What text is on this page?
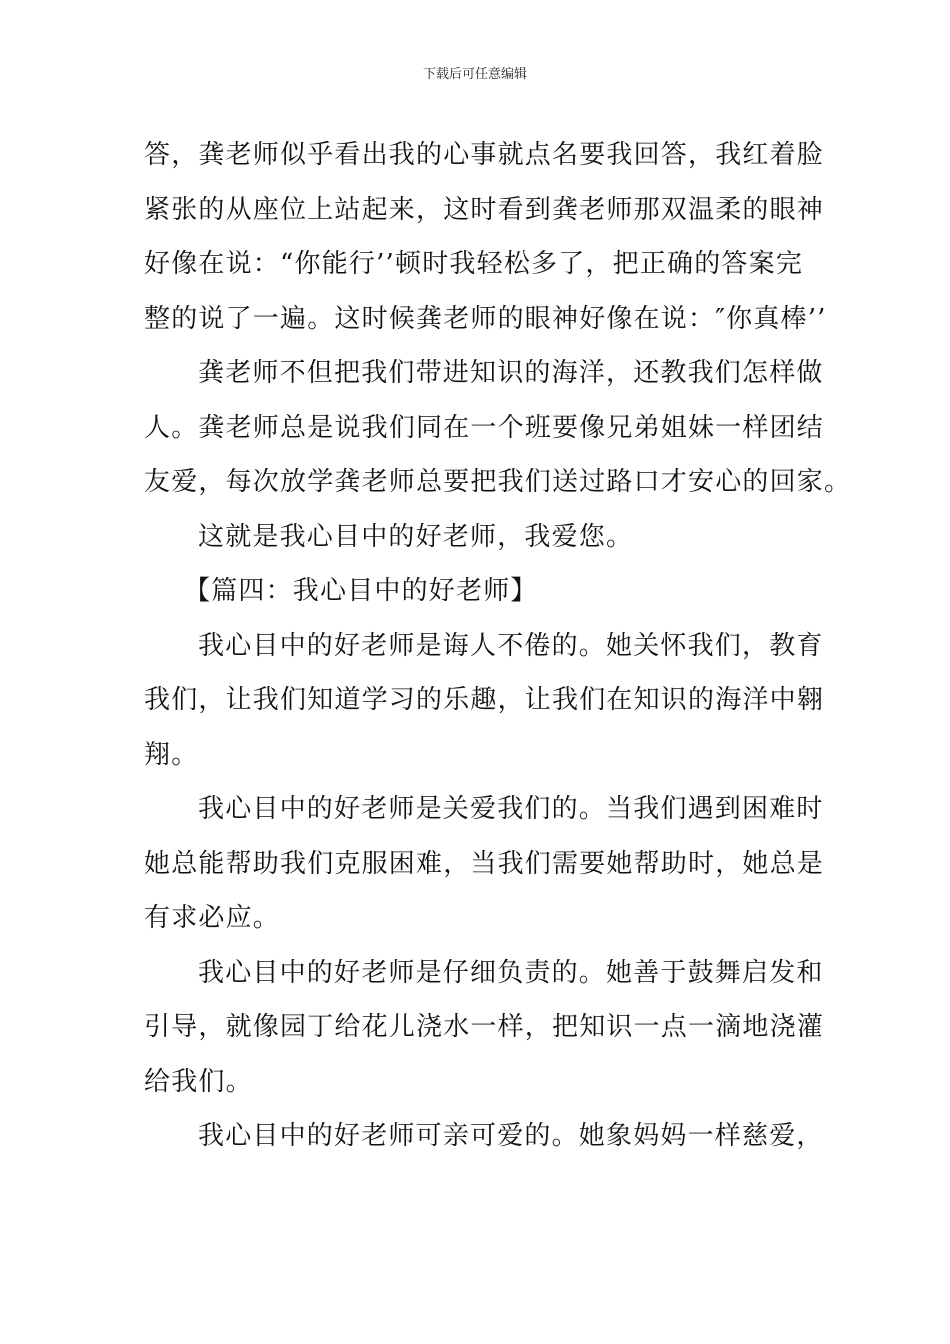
下载后可任意编辑

答，龚老师似乎看出我的心事就点名要我回答，我红着脸
紧张的从座位上站起来，这时看到龚老师那双温柔的眼神
好像在说：“你能行’’顿时我轻松多了，把正确的答案完
整的说了一遍。这时候龚老师的眼神好像在说：″你真棒’’

龚老师不但把我们带进知识的海洋，还教我们怎样做
人。龚老师总是说我们同在一个班要像兄弟姐妹一样团结
友爱，每次放学龚老师总要把我们送过路口才安心的回家。

这就是我心目中的好老师，我爱您。

【篇四：我心目中的好老师】

我心目中的好老师是诲人不倦的。她关怀我们，教育
我们，让我们知道学习的乐趣，让我们在知识的海洋中翱
翔。

我心目中的好老师是关爱我们的。当我们遇到困难时
她总能帮助我们克服困难，当我们需要她帮助时，她总是
有求必应。

我心目中的好老师是仔细负责的。她善于鼓舞启发和
引导，就像园丁给花儿浇水一样，把知识一点一滴地浇灌
给我们。

我心目中的好老师可亲可爱的。她象妈妈一样慈爱，
